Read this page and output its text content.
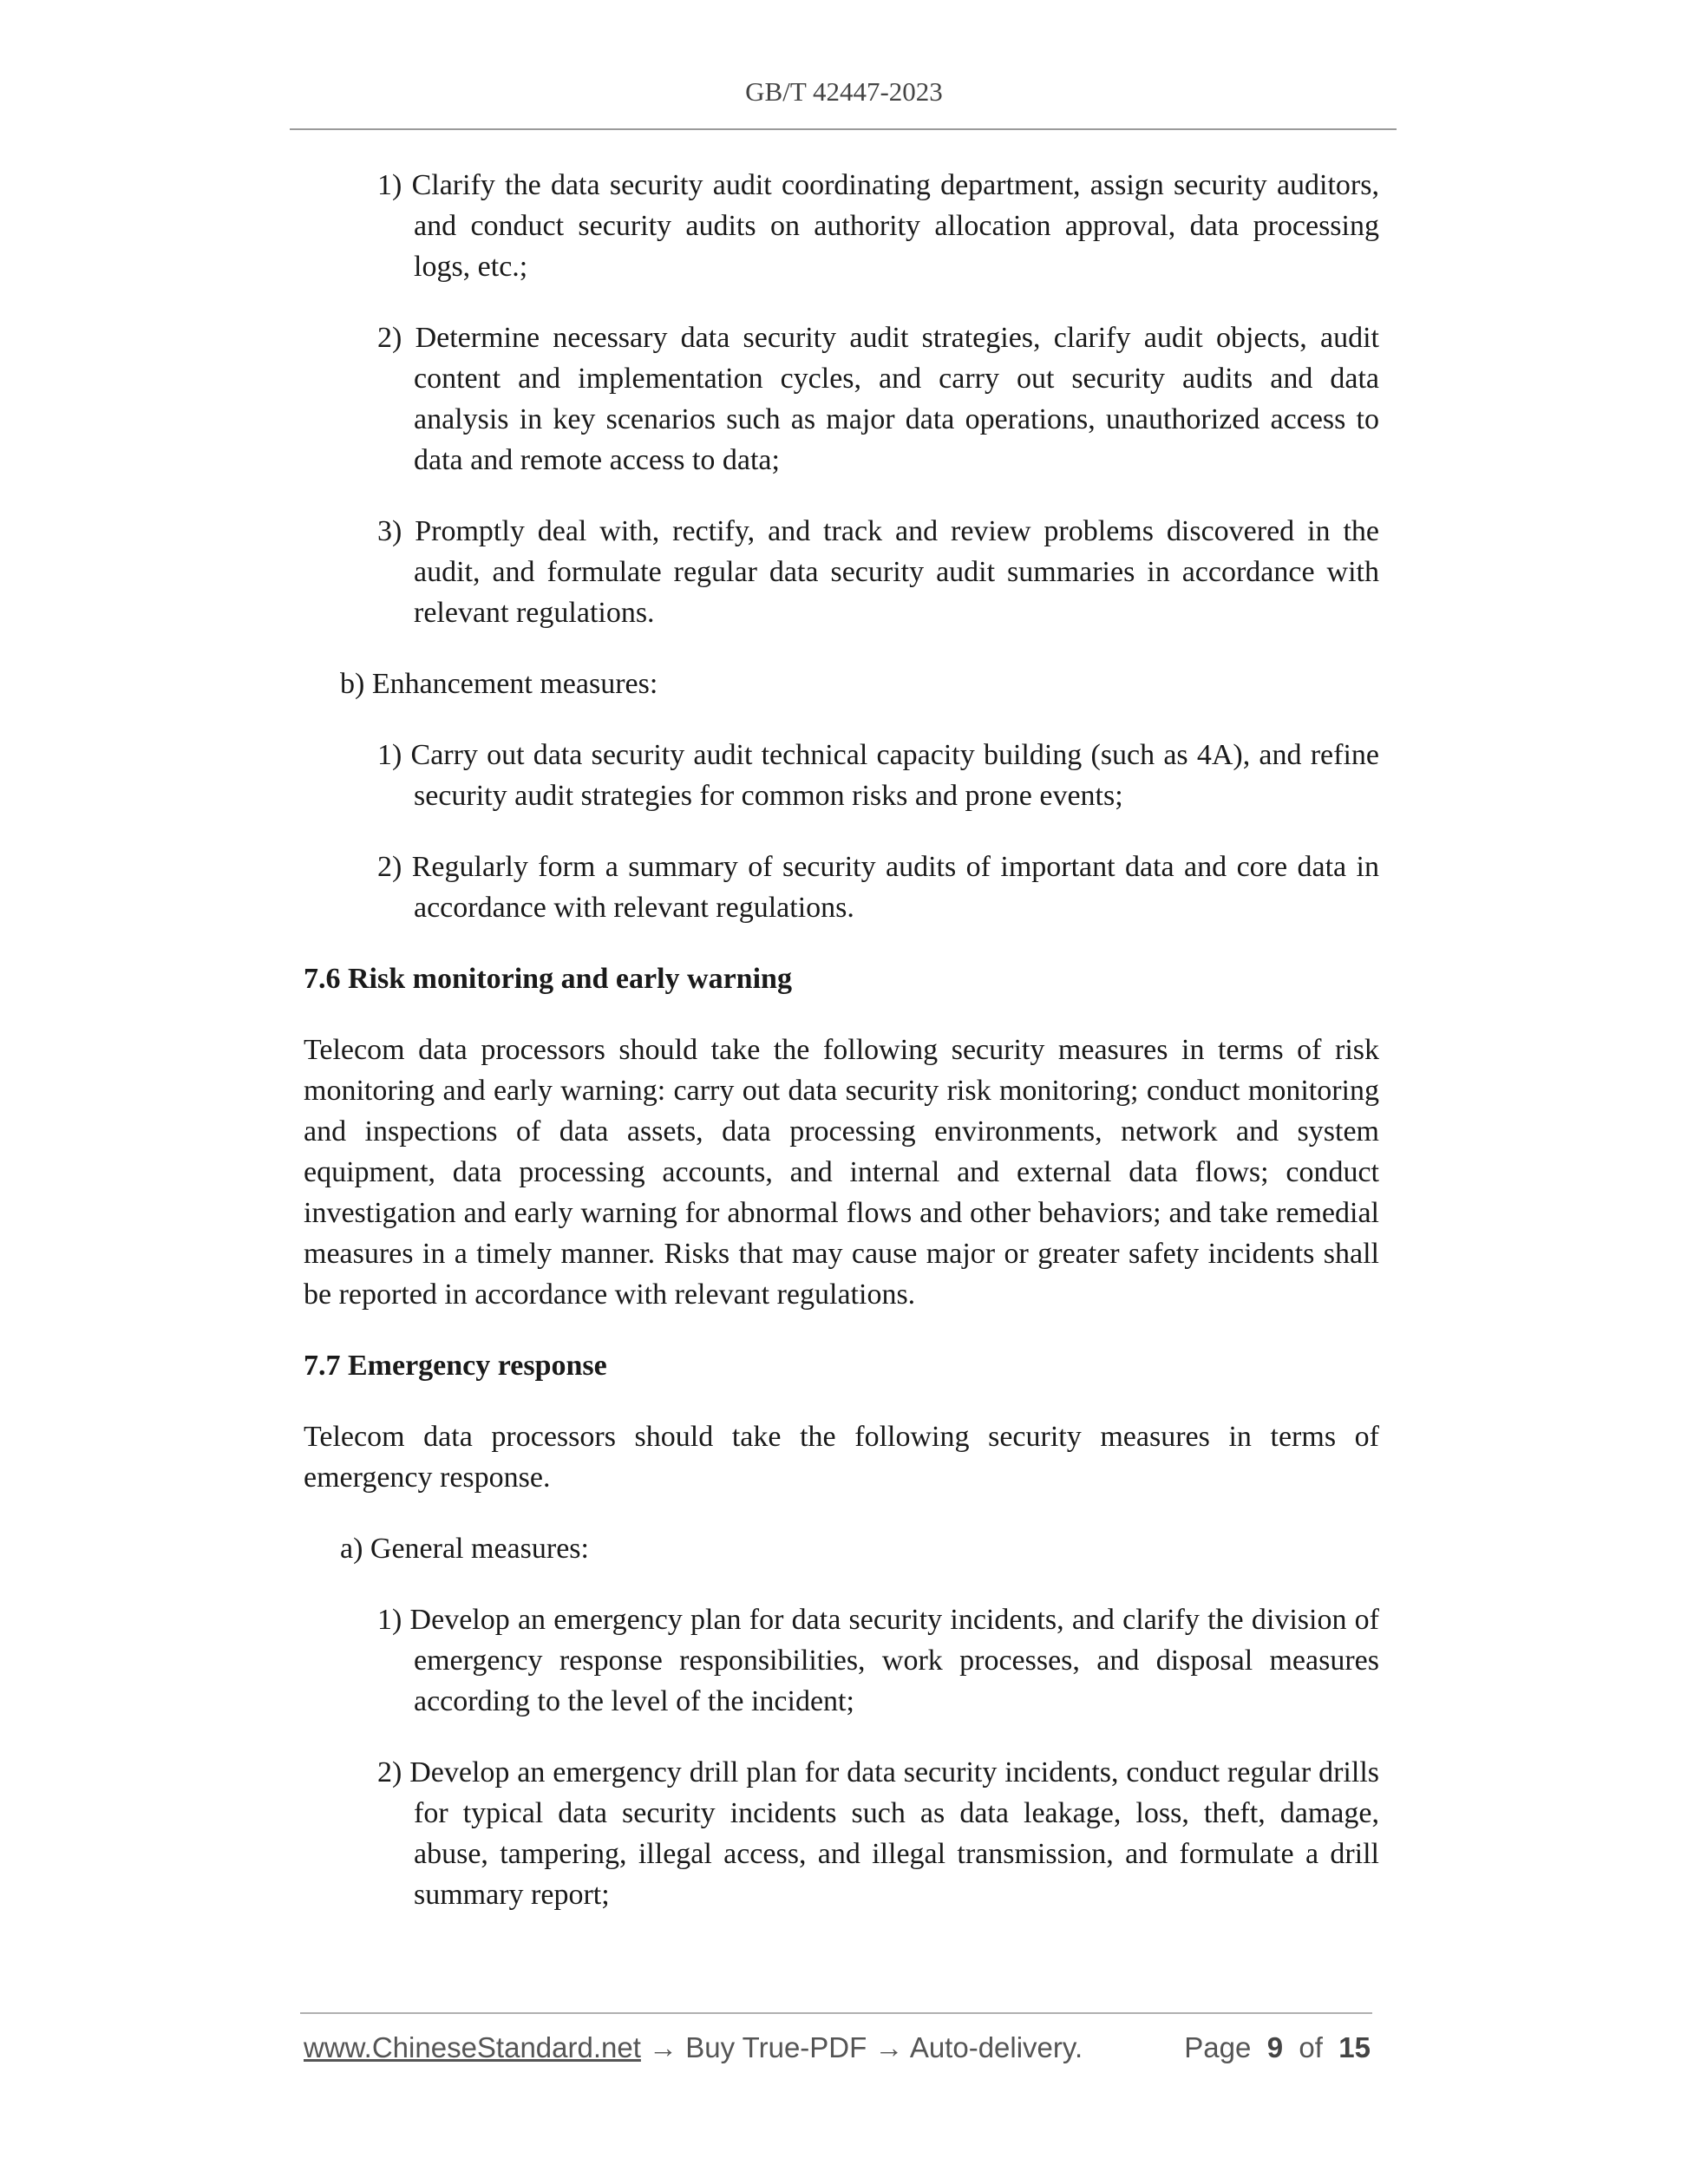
GB/T 42447-2023
1) Clarify the data security audit coordinating department, assign security auditors, and conduct security audits on authority allocation approval, data processing logs, etc.;
2) Determine necessary data security audit strategies, clarify audit objects, audit content and implementation cycles, and carry out security audits and data analysis in key scenarios such as major data operations, unauthorized access to data and remote access to data;
3) Promptly deal with, rectify, and track and review problems discovered in the audit, and formulate regular data security audit summaries in accordance with relevant regulations.
b) Enhancement measures:
1) Carry out data security audit technical capacity building (such as 4A), and refine security audit strategies for common risks and prone events;
2) Regularly form a summary of security audits of important data and core data in accordance with relevant regulations.
7.6 Risk monitoring and early warning
Telecom data processors should take the following security measures in terms of risk monitoring and early warning: carry out data security risk monitoring; conduct monitoring and inspections of data assets, data processing environments, network and system equipment, data processing accounts, and internal and external data flows; conduct investigation and early warning for abnormal flows and other behaviors; and take remedial measures in a timely manner. Risks that may cause major or greater safety incidents shall be reported in accordance with relevant regulations.
7.7 Emergency response
Telecom data processors should take the following security measures in terms of emergency response.
a) General measures:
1) Develop an emergency plan for data security incidents, and clarify the division of emergency response responsibilities, work processes, and disposal measures according to the level of the incident;
2) Develop an emergency drill plan for data security incidents, conduct regular drills for typical data security incidents such as data leakage, loss, theft, damage, abuse, tampering, illegal access, and illegal transmission, and formulate a drill summary report;
www.ChineseStandard.net → Buy True-PDF → Auto-delivery.	Page 9 of 15
